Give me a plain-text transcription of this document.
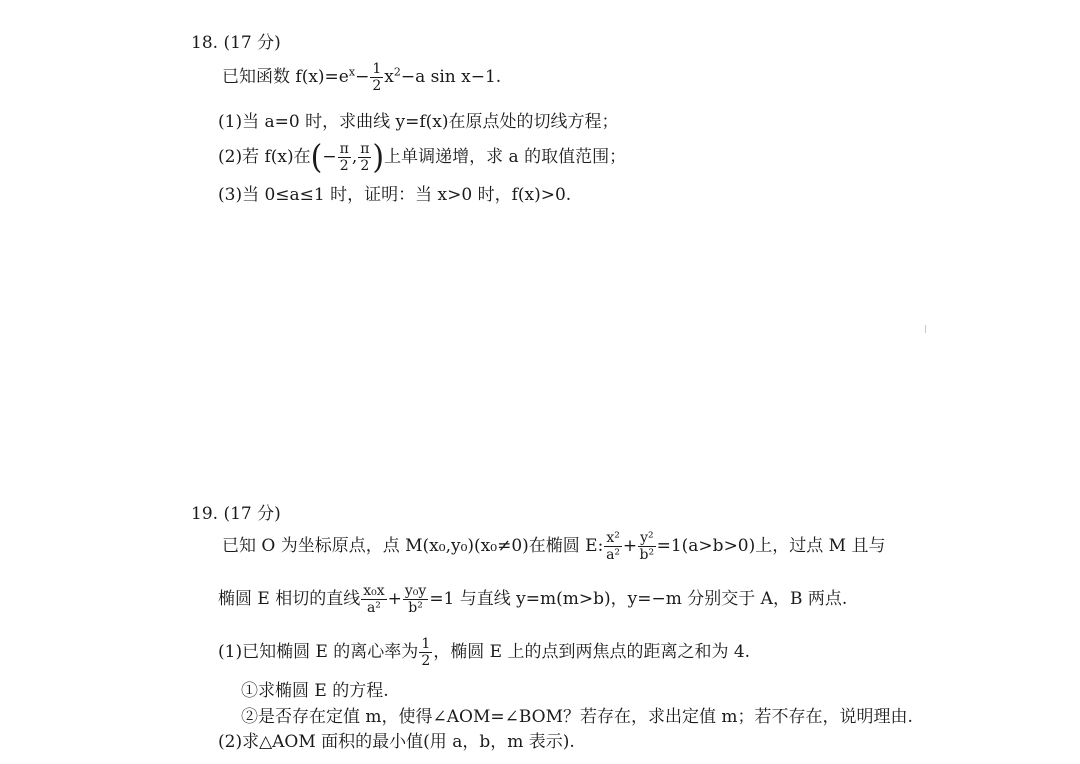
18. (17 分)
已知函数 $f(x)=e^x- \frac{1}{2} x^2-a$ sin x−1.
(1)当 a=0 时，求曲线 y=f(x)在原点处的切线方程；
(2)若 f(x)在(− $\frac{\pi}{2}$ , $\frac{\pi}{2}$ )上单调递增，求 a 的取值范围；
(3)当 0≤a≤1 时，证明：当 x>0 时，f(x)>0.
19. (17 分)
已知 O 为坐标原点，点 M(x₀,y₀)(x₀≠0)在椭圆 E: $\frac{\text{x²}}{\text{a²}} + \frac{\text{y²}}{\text{b²}} =1(a>b>0)$上，过点 M 且与
椭圆 E 相切的直线 $\frac{\text{x₀x}}{\text{a²}} + \frac{\text{y₀y}}{\text{b²}} =1$ 与直线 y=m(m>b)，y=−m 分别交于 A，B 两点.
(1)已知椭圆 E 的离心率为 $\frac{1}{2}$ ，椭圆 E 上的点到两焦点的距离之和为 4.
①求椭圆 E 的方程.
②是否存在定值 m，使得∠AOM=∠BOM？若存在，求出定值 m；若不存在，说明理由.
(2)求△AOM 面积的最小值(用 a，b，m 表示).
